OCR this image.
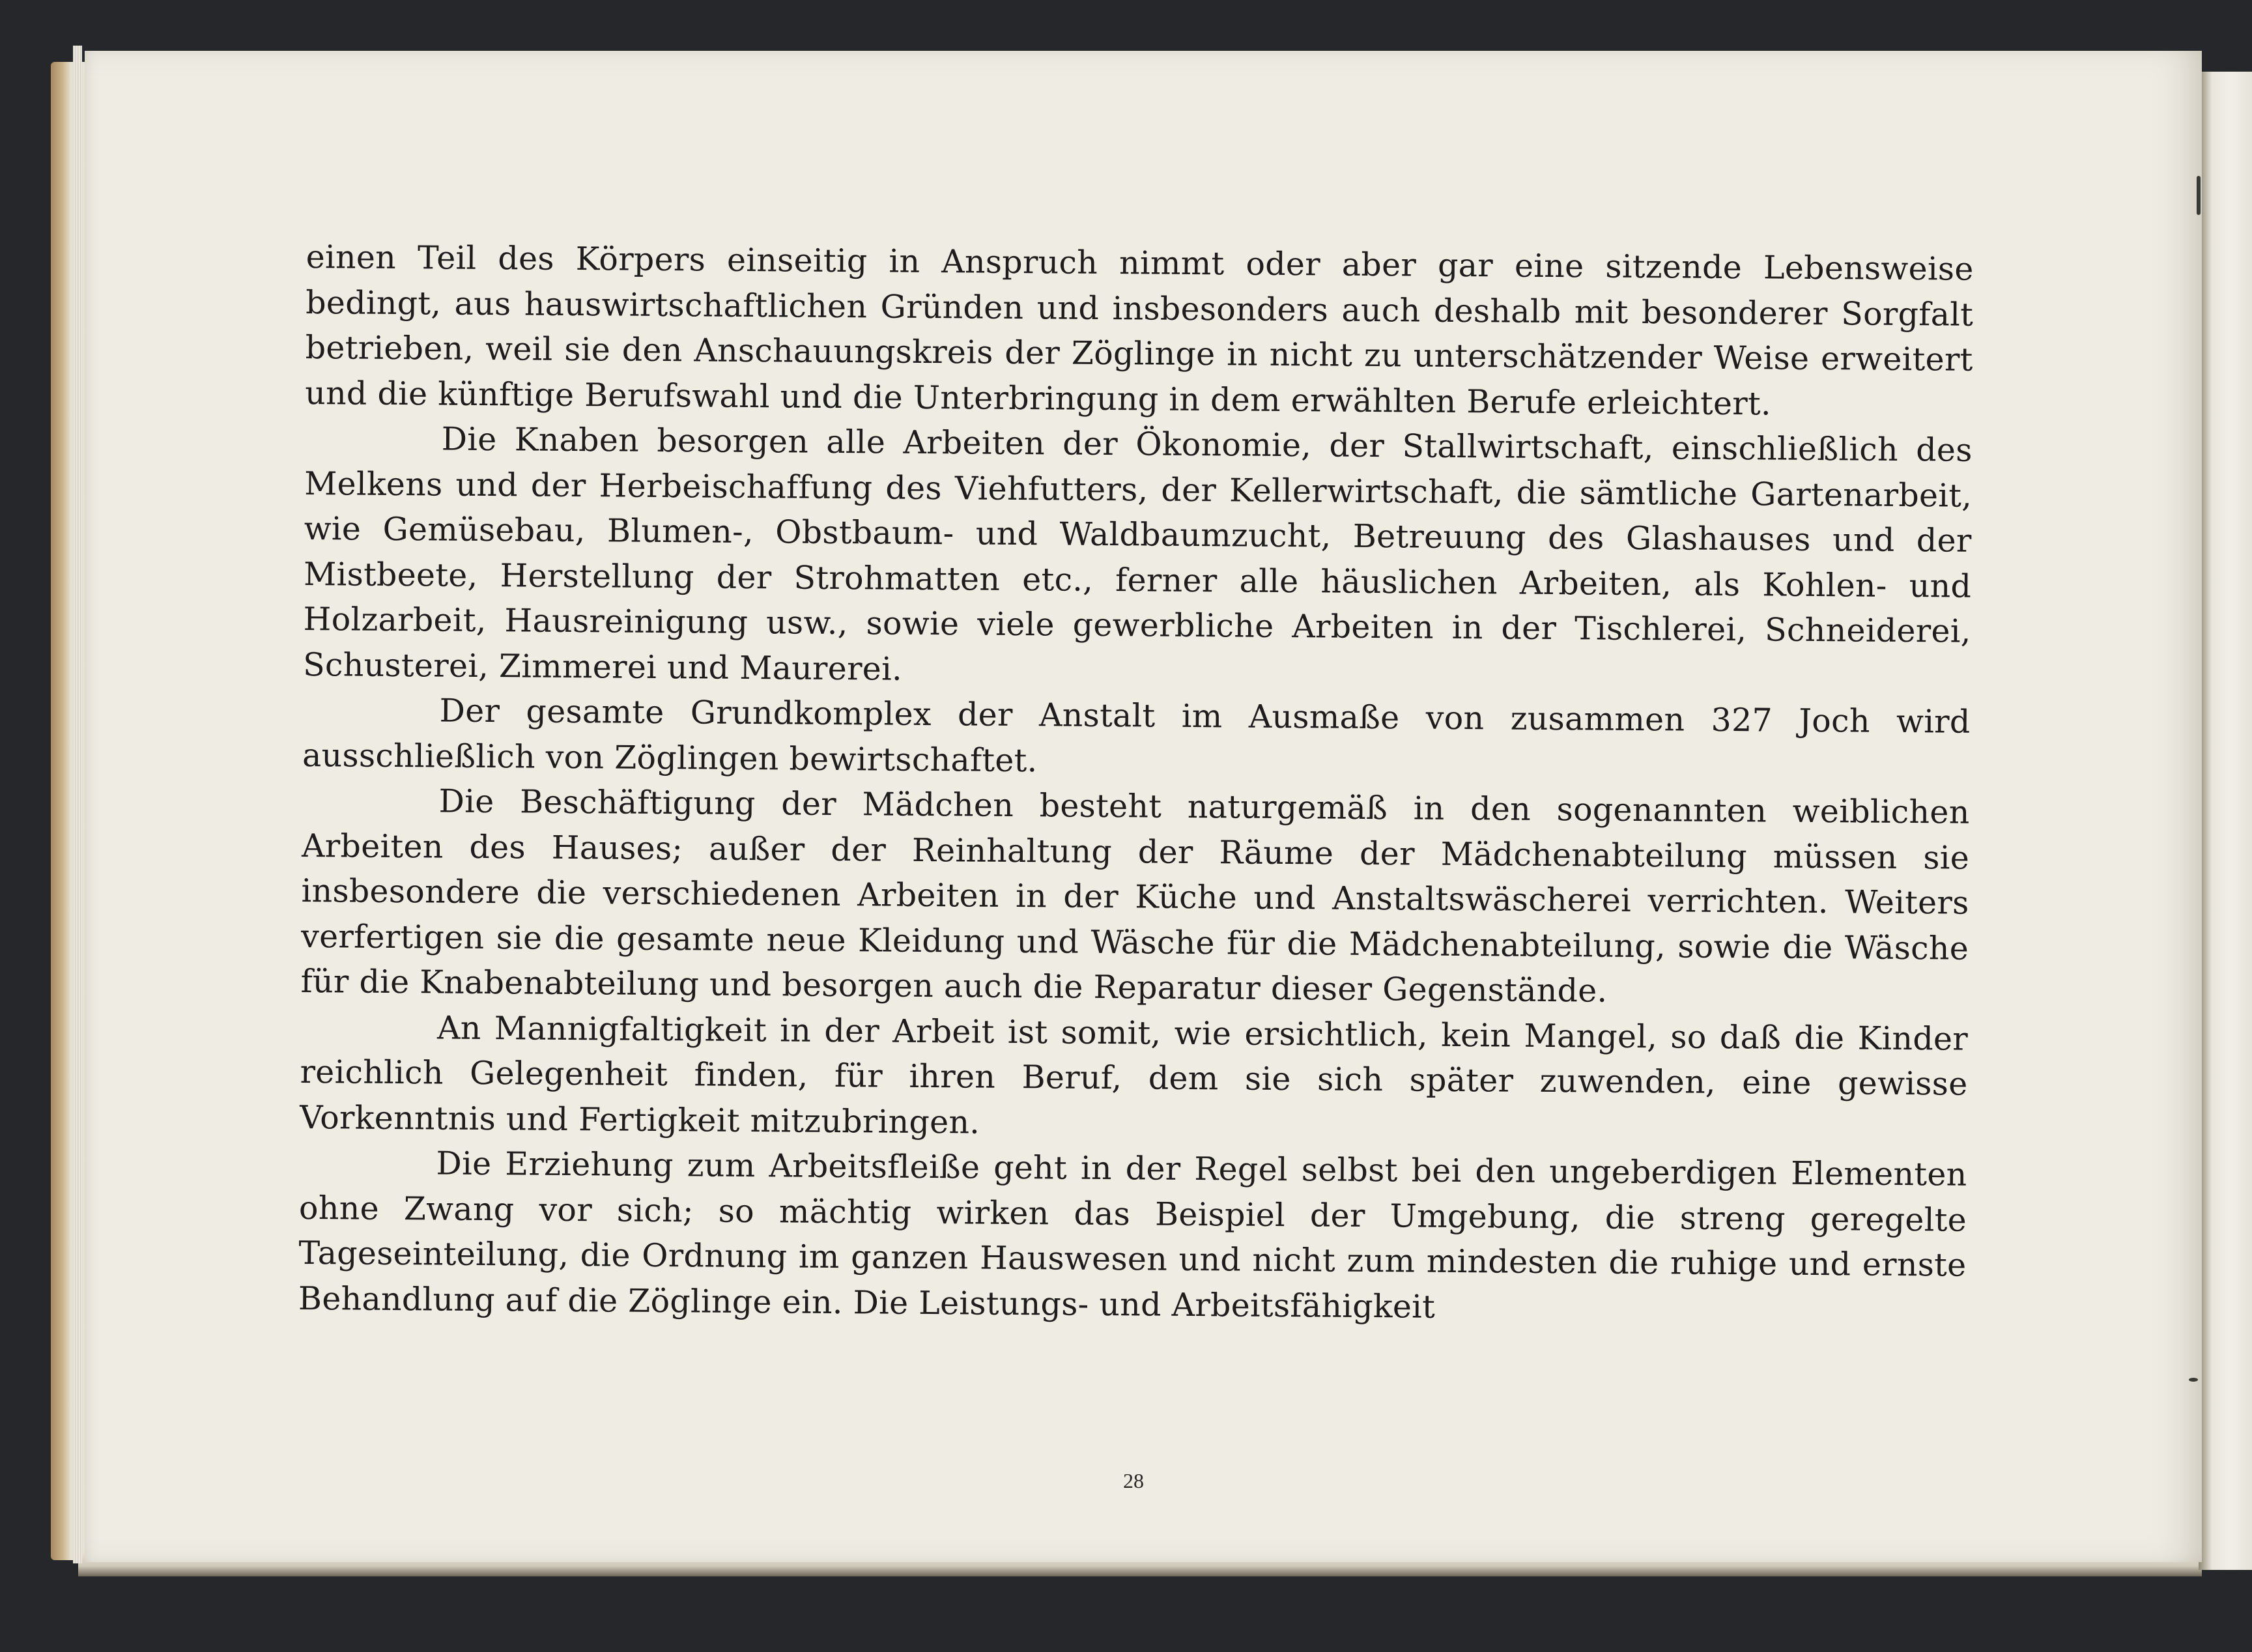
einen Teil des Körpers einseitig in Anspruch nimmt oder aber gar eine sitzende Lebensweise bedingt, aus hauswirtschaftlichen Gründen und insbesonders auch deshalb mit besonderer Sorgfalt betrieben, weil sie den Anschauungskreis der Zöglinge in nicht zu unterschätzender Weise erweitert und die künftige Berufswahl und die Unterbringung in dem erwählten Berufe erleichtert.

Die Knaben besorgen alle Arbeiten der Ökonomie, der Stallwirtschaft, einschließlich des Melkens und der Herbeischaffung des Viehfutters, der Kellerwirtschaft, die sämtliche Gartenarbeit, wie Gemüsebau, Blumen-, Obstbaum- und Waldbaumzucht, Betreuung des Glashauses und der Mistbeete, Herstellung der Strohmatten etc., ferner alle häuslichen Arbeiten, als Kohlen- und Holzarbeit, Hausreinigung usw., sowie viele gewerbliche Arbeiten in der Tischlerei, Schneiderei, Schusterei, Zimmerei und Maurerei.

Der gesamte Grundkomplex der Anstalt im Ausmaße von zusammen 327 Joch wird ausschließlich von Zöglingen bewirtschaftet.

Die Beschäftigung der Mädchen besteht naturgemäß in den sogenannten weiblichen Arbeiten des Hauses; außer der Reinhaltung der Räume der Mädchenabteilung müssen sie insbesondere die verschiedenen Arbeiten in der Küche und Anstaltswäscherei verrichten. Weiters verfertigen sie die gesamte neue Kleidung und Wäsche für die Mädchenabteilung, sowie die Wäsche für die Knabenabteilung und besorgen auch die Reparatur dieser Gegenstände.

An Mannigfaltigkeit in der Arbeit ist somit, wie ersichtlich, kein Mangel, so daß die Kinder reichlich Gelegenheit finden, für ihren Beruf, dem sie sich später zuwenden, eine gewisse Vorkenntnis und Fertigkeit mitzubringen.

Die Erziehung zum Arbeitsfleiße geht in der Regel selbst bei den ungeberdigen Elementen ohne Zwang vor sich; so mächtig wirken das Beispiel der Umgebung, die streng geregelte Tageseinteilung, die Ordnung im ganzen Hauswesen und nicht zum mindesten die ruhige und ernste Behandlung auf die Zöglinge ein. Die Leistungs- und Arbeitsfähigkeit

28
